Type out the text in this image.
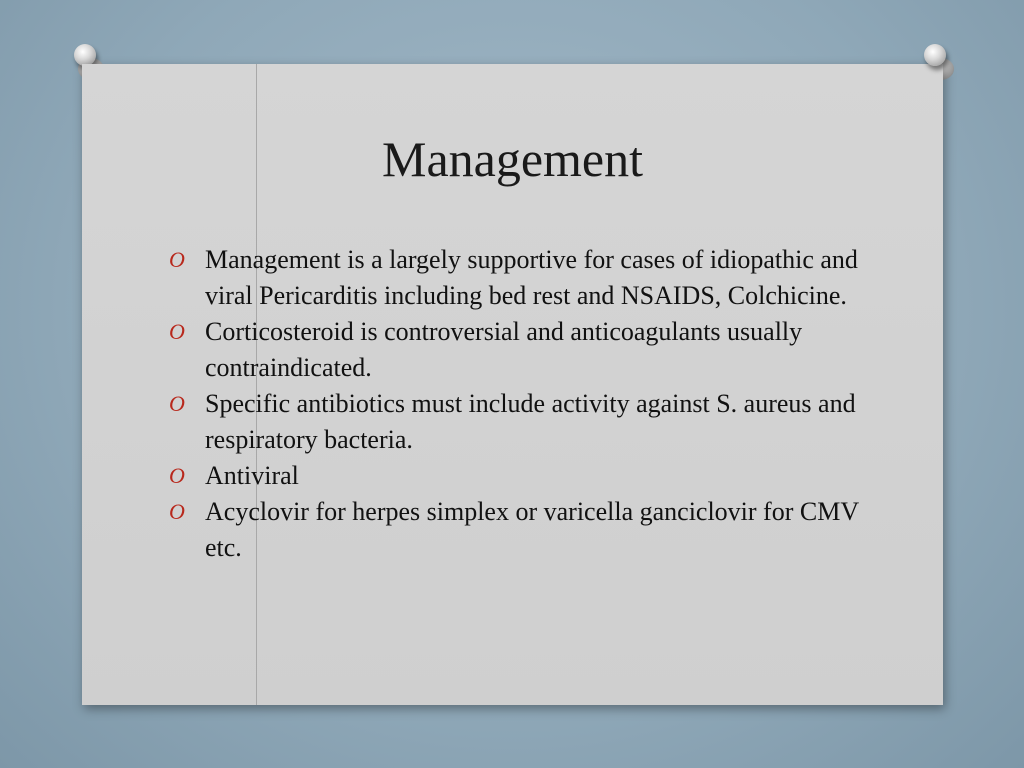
Management
O Management is a largely supportive for cases of idiopathic and viral Pericarditis including bed rest and NSAIDS, Colchicine.
O Corticosteroid is controversial and anticoagulants usually contraindicated.
O Specific antibiotics must include activity against S. aureus and respiratory bacteria.
O Antiviral
O Acyclovir for herpes simplex or varicella ganciclovir for CMV etc.
